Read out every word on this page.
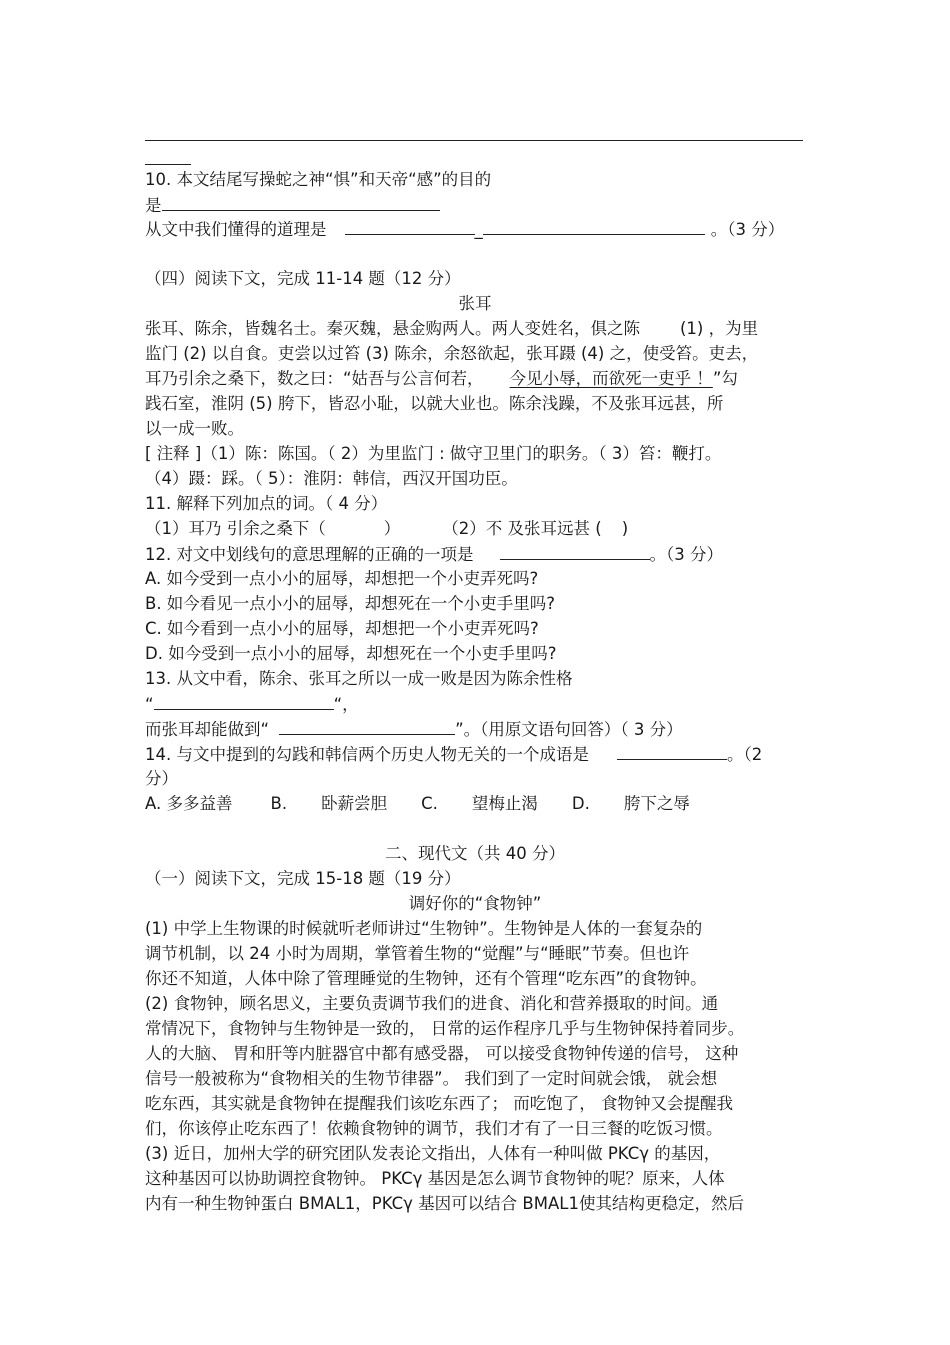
10. 本文结尾写操蛇之神“惧”和天帝“感”的目的
是
从文中我们懂得的道理是	_	。（3 分）
（四）阅读下文，完成 11-14 题（12 分）
张耳
张耳、陈余，皆魏名士。秦灭魏，悬金购两人。两人变姓名，俱之陈 (1) ，为里
监门 (2) 以自食。吏尝以过笞 (3) 陈余，余怒欲起，张耳蹑 (4) 之，使受笞。吏去，
耳乃引余之桑下，数之曰：“姑吾与公言何若， 今见小辱，而欲死一吏乎 ！”勾
践石室，淮阴 (5) 胯下，皆忍小耻，以就大业也。陈余浅躁，不及张耳远甚，所
以一成一败。
[ 注释 ]（1）陈：陈国。（ 2）为里监门 : 做守卫里门的职务。（ 3）笞：鞭打。
（4）蹑：踩。（ 5）：淮阴：韩信，西汉开国功臣。
11. 解释下列加点的词。（ 4 分）
（1）耳乃 引余之桑下（	）	（2）不 及张耳远甚 ( )
12. 对文中划线句的意思理解的正确的一项是	。（3 分）
A. 如今受到一点小小的屈辱，却想把一个小吏弄死吗?
B. 如今看见一点小小的屈辱，却想死在一个小吏手里吗?
C. 如今看到一点小小的屈辱，却想把一个小吏弄死吗?
D. 如今受到一点小小的屈辱，却想死在一个小吏手里吗?
13. 从文中看，陈余、张耳之所以一成一败是因为陈余性格
“	“，
而张耳却能做到“	”。（用原文语句回答）（ 3 分）
14. 与文中提到的勾践和韩信两个历史人物无关的一个成语是	。（2
分）
A. 多多益善 B. 卧薪尝胆 C. 望梅止渴 D. 胯下之辱
二、现代文（共 40 分）
（一）阅读下文，完成 15-18 题（19 分）
调好你的“食物钟”
(1) 中学上生物课的时候就听老师讲过“生物钟”。生物钟是人体的一套复杂的
调节机制，以 24 小时为周期，掌管着生物的“觉醒”与“睡眠”节奏。但也许
你还不知道，人体中除了管理睡觉的生物钟，还有个管理“吃东西”的食物钟。
(2) 食物钟，顾名思义，主要负责调节我们的进食、消化和营养摄取的时间。通
常情况下，食物钟与生物钟是一致的， 日常的运作程序几乎与生物钟保持着同步。
人的大脑、 胃和肝等内脏器官中都有感受器， 可以接受食物钟传递的信号， 这种
信号一般被称为“食物相关的生物节律器”。 我们到了一定时间就会饿， 就会想
吃东西，其实就是食物钟在提醒我们该吃东西了； 而吃饱了， 食物钟又会提醒我
们，你该停止吃东西了！依赖食物钟的调节，我们才有了一日三餐的吃饭习惯。
(3) 近日，加州大学的研究团队发表论文指出，人体有一种叫做 PKCγ 的基因，
这种基因可以协助调控食物钟。 PKCγ 基因是怎么调节食物钟的呢？原来，人体
内有一种生物钟蛋白 BMAL1，PKCγ 基因可以结合 BMAL1使其结构更稳定，然后
